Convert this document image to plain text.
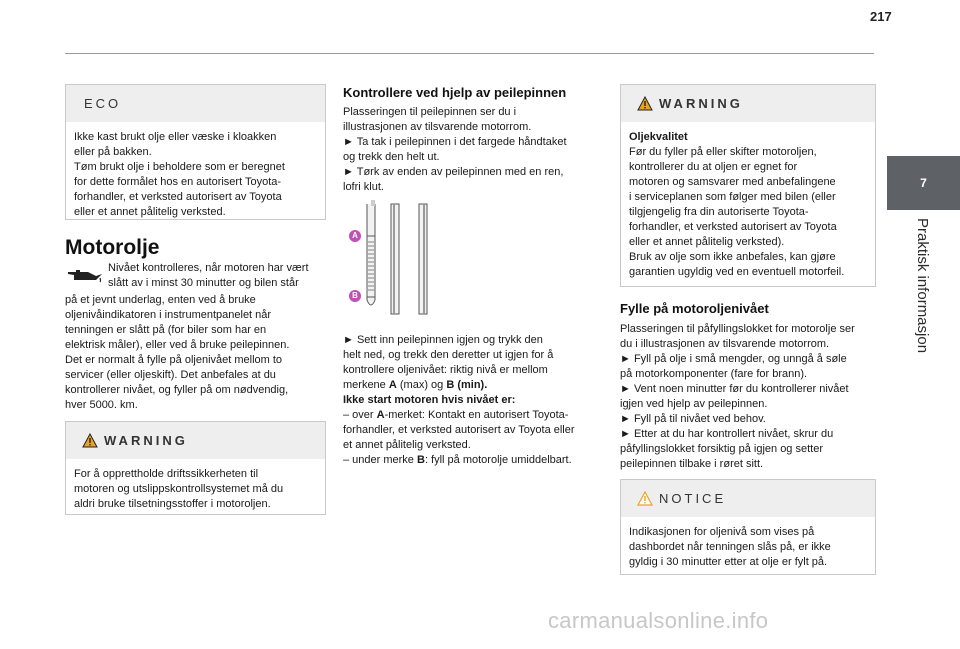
217
7
Praktisk informasjon
ECO

Ikke kast brukt olje eller væske i kloakken

eller på bakken.

Tøm brukt olje i beholdere som er beregnet

for dette formålet hos en autorisert Toyota-

forhandler, et verksted autorisert av Toyota

eller et annet pålitelig verksted.

Motorolje

Nivået kontrolleres, når motoren har vært

slått av i minst 30 minutter og bilen står

på et jevnt underlag, enten ved å bruke

oljenivåindikatoren i instrumentpanelet når

tenningen er slått på (for biler som har en

elektrisk måler), eller ved å bruke peilepinnen.

Det er normalt å fylle på oljenivået mellom to

servicer (eller oljeskift). Det anbefales at du

kontrollerer nivået, og fyller på om nødvendig,

hver 5000. km.

WARNING

For å opprettholde driftssikkerheten til

motoren og utslippskontrollsystemet må du

aldri bruke tilsetningsstoffer i motoroljen.

Kontrollere ved hjelp av peilepinnen

Plasseringen til peilepinnen ser du i

illustrasjonen av tilsvarende motorrom.

► Ta tak i peilepinnen i det fargede håndtaket

og trekk den helt ut.

► Tørk av enden av peilepinnen med en ren,

lofri klut.

A
B

► Sett inn peilepinnen igjen og trykk den

helt ned, og trekk den deretter ut igjen for å

kontrollere oljenivået: riktig nivå er mellom

merkene A (max) og B (min).

Ikke start motoren hvis nivået er:

– over A-merket: Kontakt en autorisert Toyota-

forhandler, et verksted autorisert av Toyota eller

et annet pålitelig verksted.

– under merke B: fyll på motorolje umiddelbart.

WARNING

Oljekvalitet

Før du fyller på eller skifter motoroljen,

kontrollerer du at oljen er egnet for

motoren og samsvarer med anbefalingene

i serviceplanen som følger med bilen (eller

tilgjengelig fra din autoriserte Toyota-

forhandler, et verksted autorisert av Toyota

eller et annet pålitelig verksted).

Bruk av olje som ikke anbefales, kan gjøre

garantien ugyldig ved en eventuell motorfeil.

Fylle på motoroljenivået

Plasseringen til påfyllingslokket for motorolje ser

du i illustrasjonen av tilsvarende motorrom.

► Fyll på olje i små mengder, og unngå å søle

på motorkomponenter (fare for brann).

► Vent noen minutter før du kontrollerer nivået

igjen ved hjelp av peilepinnen.

► Fyll på til nivået ved behov.

► Etter at du har kontrollert nivået, skrur du

påfyllingslokket forsiktig på igjen og setter

peilepinnen tilbake i røret sitt.

NOTICE

Indikasjonen for oljenivå som vises på

dashbordet når tenningen slås på, er ikke

gyldig i 30 minutter etter at olje er fylt på.

carmanualsonline.info
